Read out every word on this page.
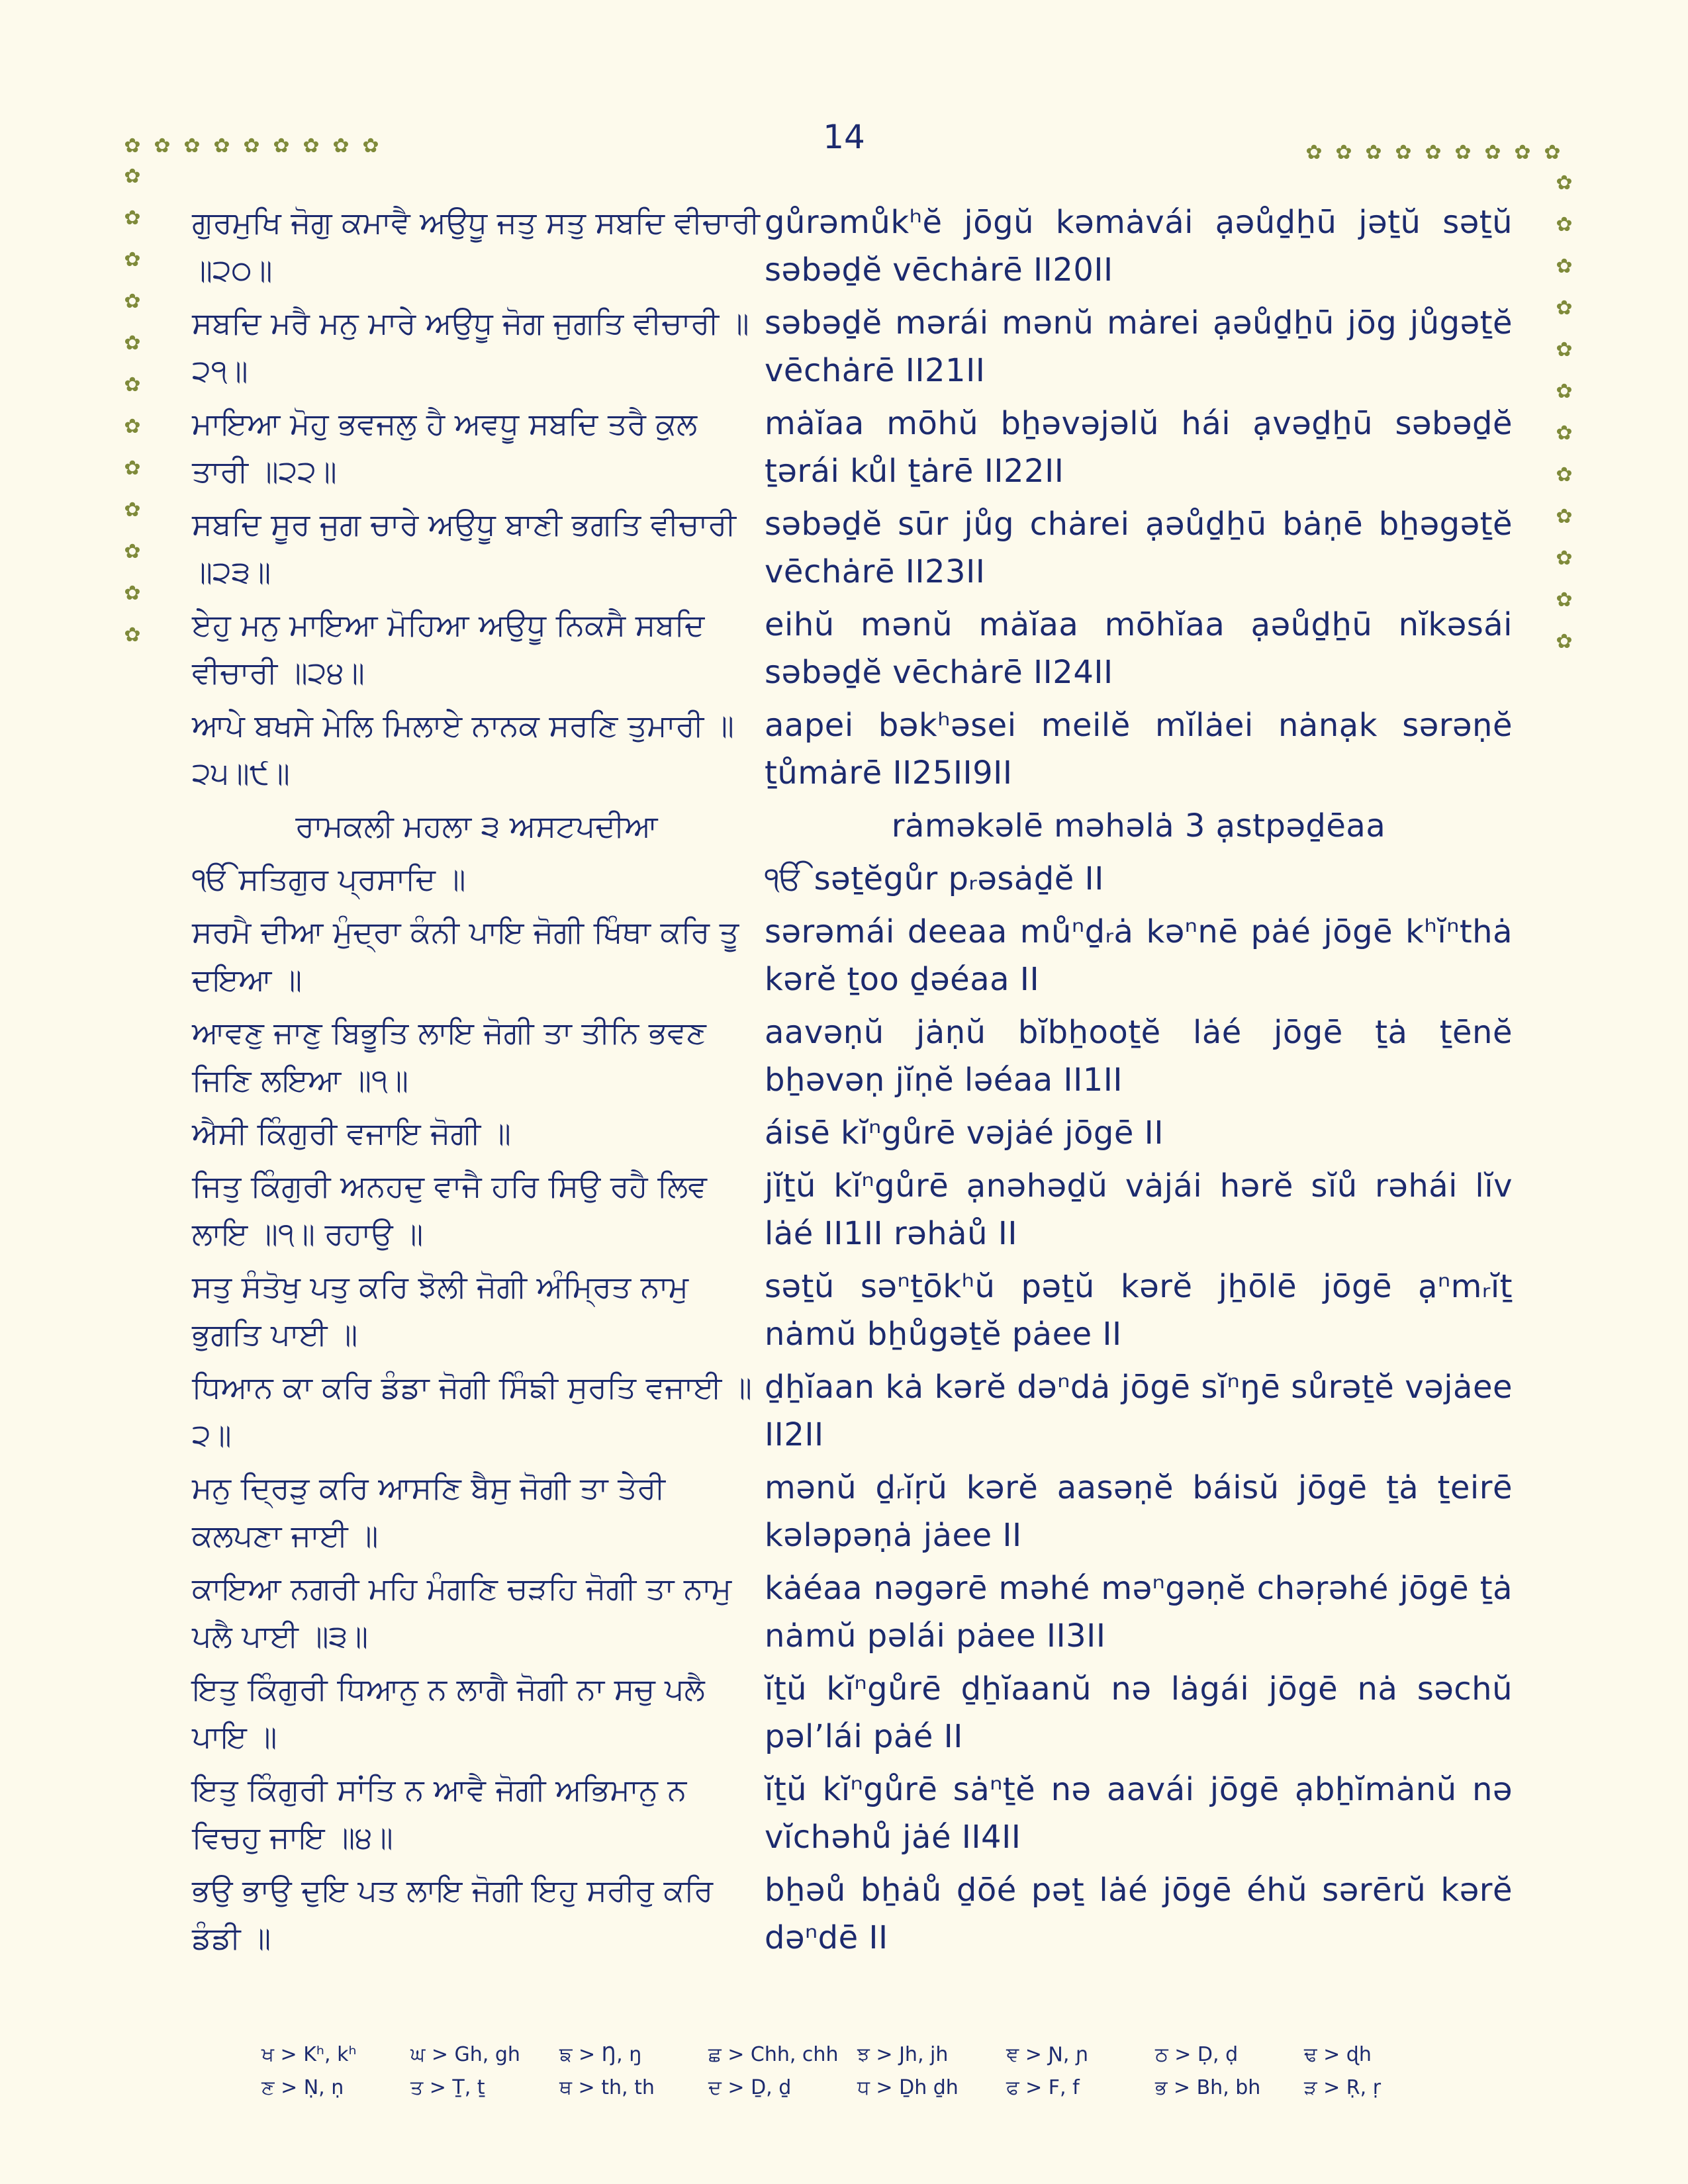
14
✿ ✿ ✿ ✿ ✿ ✿ ✿ ✿ ✿
✿
✿
✿
✿
✿
✿
✿
✿
✿
✿
✿
✿
✿ ✿ ✿ ✿ ✿ ✿ ✿ ✿ ✿
✿
✿
✿
✿
✿
✿
✿
✿
✿
✿
✿
✿
ਗੁਰਮੁਖਿ ਜੋਗੁ ਕਮਾਵੈ ਅਉਧੂ ਜਤੁ ਸਤੁ ਸਬਦਿ ਵੀਚਾਰੀ ॥੨੦॥
gůrəmůkʰĕ jōgŭ kəmȧvái ạəůḏẖū jəṯŭ səṯŭ səbəḏĕ vēchȧrē II20II
ਸਬਦਿ ਮਰੈ ਮਨੁ ਮਾਰੇ ਅਉਧੂ ਜੋਗ ਜੁਗਤਿ ਵੀਚਾਰੀ ॥੨੧॥
səbəḏĕ mərái mənŭ mȧrei ạəůḏẖū jōg jůgəṯĕ vēchȧrē II21II
ਮਾਇਆ ਮੋਹੁ ਭਵਜਲੁ ਹੈ ਅਵਧੂ ਸਬਦਿ ਤਰੈ ਕੁਲ ਤਾਰੀ ॥੨੨॥
mȧĭaa mōhŭ bẖəvəjəlŭ hái ạvəḏẖū səbəḏĕ ṯərái kůl ṯȧrē II22II
ਸਬਦਿ ਸੂਰ ਜੁਗ ਚਾਰੇ ਅਉਧੂ ਬਾਣੀ ਭਗਤਿ ਵੀਚਾਰੀ ॥੨੩॥
səbəḏĕ sūr jůg chȧrei ạəůḏẖū bȧṇē bẖəgəṯĕ vēchȧrē II23II
ਏਹੁ ਮਨੁ ਮਾਇਆ ਮੋਹਿਆ ਅਉਧੂ ਨਿਕਸੈ ਸਬਦਿ ਵੀਚਾਰੀ ॥੨੪॥
eihŭ mənŭ mȧĭaa mōhĭaa ạəůḏẖū nĭkəsái səbəḏĕ vēchȧrē II24II
ਆਪੇ ਬਖਸੇ ਮੇਲਿ ਮਿਲਾਏ ਨਾਨਕ ਸਰਣਿ ਤੁਮਾਰੀ ॥੨੫॥੯॥
aapei bəkʰəsei meilĕ mĭlȧei nȧnạk sərəṇĕ ṯůmȧrē II25II9II
ਰਾਮਕਲੀ ਮਹਲਾ ੩ ਅਸਟਪਦੀਆ	rȧməkəlē məhəlȧ 3 ạstpəḏēaa
ੴ ਸਤਿਗੁਰ ਪ੍ਰਸਾਦਿ ॥	ੴ səṯĕgůr pᵣəsȧḏĕ II
ਸਰਮੈ ਦੀਆ ਮੁੰਦ੍ਰਾ ਕੰਨੀ ਪਾਇ ਜੋਗੀ ਖਿੰਥਾ ਕਰਿ ਤੂ ਦਇਆ ॥
sərəmái deeaa můⁿḏᵣȧ kəⁿnē pȧé jōgē kʰĭⁿthȧ kərĕ ṯoo ḏəéaa II
ਆਵਣੁ ਜਾਣੁ ਬਿਭੂਤਿ ਲਾਇ ਜੋਗੀ ਤਾ ਤੀਨਿ ਭਵਣ ਜਿਣਿ ਲਇਆ ॥੧॥
aavəṇŭ jȧṇŭ bĭbẖooṯĕ lȧé jōgē ṯȧ ṯēnĕ bẖəvəṇ jĭṇĕ ləéaa II1II
ਐਸੀ ਕਿੰਗੁਰੀ ਵਜਾਇ ਜੋਗੀ ॥	áisē kĭⁿgůrē vəjȧé jōgē II
ਜਿਤੁ ਕਿੰਗੁਰੀ ਅਨਹਦੁ ਵਾਜੈ ਹਰਿ ਸਿਉ ਰਹੈ ਲਿਵ ਲਾਇ ॥੧॥ ਰਹਾਉ ॥
jĭṯŭ kĭⁿgůrē ạnəhəḏŭ vȧjái hərĕ sĭů rəhái lĭv lȧé II1II rəhȧů II
ਸਤੁ ਸੰਤੋਖੁ ਪਤੁ ਕਰਿ ਝੋਲੀ ਜੋਗੀ ਅੰਮ੍ਰਿਤ ਨਾਮੁ ਭੁਗਤਿ ਪਾਈ ॥
səṯŭ səⁿṯōkʰŭ pəṯŭ kərĕ jẖōlē jōgē ạⁿmᵣĭṯ nȧmŭ bẖůgəṯĕ pȧee II
ਧਿਆਨ ਕਾ ਕਰਿ ਡੰਡਾ ਜੋਗੀ ਸਿੰਙੀ ਸੁਰਤਿ ਵਜਾਈ ॥੨॥
ḏẖĭaan kȧ kərĕ dəⁿdȧ jōgē sĭⁿŋē sůrəṯĕ vəjȧee II2II
ਮਨੁ ਦ੍ਰਿੜੁ ਕਰਿ ਆਸਣਿ ਬੈਸੁ ਜੋਗੀ ਤਾ ਤੇਰੀ ਕਲਪਣਾ ਜਾਈ ॥
mənŭ ḏᵣĭṛŭ kərĕ aasəṇĕ báisŭ jōgē ṯȧ ṯeirē kələpəṇȧ jȧee II
ਕਾਇਆ ਨਗਰੀ ਮਹਿ ਮੰਗਣਿ ਚੜਹਿ ਜੋਗੀ ਤਾ ਨਾਮੁ ਪਲੈ ਪਾਈ ॥੩॥
kȧéaa nəgərē məhé məⁿgəṇĕ chəṛəhé jōgē ṯȧ nȧmŭ pəlái pȧee II3II
ਇਤੁ ਕਿੰਗੁਰੀ ਧਿਆਨੁ ਨ ਲਾਗੈ ਜੋਗੀ ਨਾ ਸਚੁ ਪਲੈ ਪਾਇ ॥
ĭṯŭ kĭⁿgůrē ḏẖĭaanŭ nə lȧgái jōgē nȧ səchŭ pəl’lái pȧé II
ਇਤੁ ਕਿੰਗੁਰੀ ਸਾਂਤਿ ਨ ਆਵੈ ਜੋਗੀ ਅਭਿਮਾਨੁ ਨ ਵਿਚਹੁ ਜਾਇ ॥੪॥
ĭṯŭ kĭⁿgůrē sȧⁿṯĕ nə aavái jōgē ạbẖĭmȧnŭ nə vĭchəhů jȧé II4II
ਭਉ ਭਾਉ ਦੁਇ ਪਤ ਲਾਇ ਜੋਗੀ ਇਹੁ ਸਰੀਰੁ ਕਰਿ ਡੰਡੀ ॥
bẖəů bẖȧů ḏōé pəṯ lȧé jōgē éhŭ sərērŭ kərĕ dəⁿdē II
ਖ > Kʰ, kʰ	ਘ > Gh, gh	ਙ > Ŋ, ŋ	ਛ > Chh, chh ਝ > Jh, jh	ਞ > Ɲ, ɲ	ਠ > Ḍ, ḍ	ਢ > ɖh
ਣ > Ṇ, ṇ	ਤ > Ṯ, ṯ	ਥ > th, th	ਦ > Ḏ, ḏ	ਧ > Ḏh ḏh	ਫ > F, f	ਭ > Bh, bh	ੜ > Ṛ, ṛ
